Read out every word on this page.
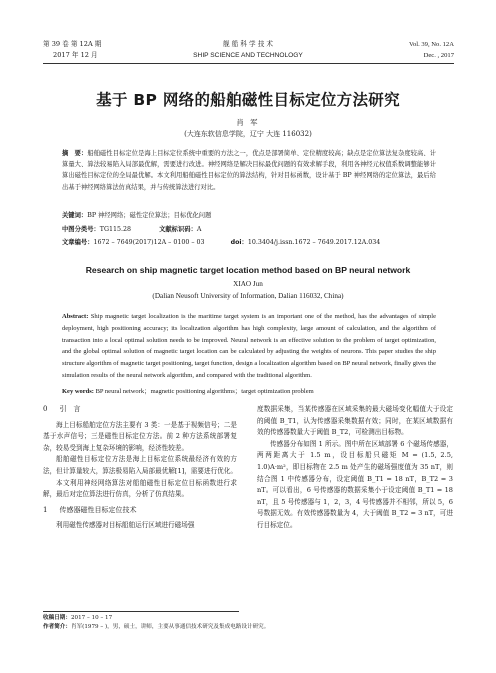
第 39 卷 第 12A 期
2017 年 12 月
舰 船 科 学 技 术
SHIP SCIENCE AND TECHNOLOGY
Vol. 39, No. 12A
Dec. , 2017
基于 BP 网络的船舶磁性目标定位方法研究
肖 军
(大连东软信息学院，辽宁 大连 116032)
摘　要：船舶磁性目标定位是海上目标定位系统中重要的方法之一，优点是部署简单、定位精度较高；缺点是定位算法复杂度较高、计算量大、算法较易陷入局部最优解，需要进行改进。神经网络是解决目标最优问题的有效求解手段，利用各神经元权值系数调整能够计算出磁性目标定位的全局最优解。本文利用船舶磁性目标定位的算法结构，针对目标函数，设计基于 BP 神经网络的定位算法，最后给出基于神经网络算法仿真结果，并与传统算法进行对比。
关键词：BP 神经网络；磁性定位算法；目标优化问题
中图分类号：TG115.28	文献标识码：A
文章编号：1672 – 7649(2017)12A – 0100 – 03	doi：10.3404/j.issn.1672 – 7649.2017.12A.034
Research on ship magnetic target location method based on BP neural network
XIAO Jun
(Dalian Neusoft University of Information, Dalian 116032, China)
Abstract: Ship magnetic target localization is the maritime target system is an important one of the method, has the advantages of simple deployment, high positioning accuracy; its localization algorithm has high complexity, large amount of calculation, and the algorithm of transaction into a local optimal solution needs to be improved. Neural network is an effective solution to the problem of target optimization, and the global optimal solution of magnetic target location can be calculated by adjusting the weights of neurons. This paper studies the ship structure algorithm of magnetic target positioning, target function, design a localization algorithm based on BP neural network, finally gives the simulation results of the neural network algorithm, and compared with the traditional algorithm.
Key words: BP neural network；magnetic positioning algorithms；target optimization problem
0 引　言
海上目标船舶定位方法主要有 3 类：一是基于视频信号；二是基于水声信号；三是磁性目标定位方法。前 2 种方法系统部署复杂，较易受到海上复杂环境的影响，经济性较差。
船舶磁性目标定位方法是海上目标定位系统最经济有效的方法，但计算量较大，算法极易陷入局部最优解[1]，需要进行优化。
本文利用神经网络算法对船舶磁性目标定位目标函数进行求解，最后对定位算法进行仿真，分析了仿真结果。
1 传感器磁性目标定位技术
利用磁性传感器对目标船舶运行区域进行磁场强
收稿日期：2017 – 10 – 17
作者简介：肖军(1979 – )，男，硕士，讲师，主要从事通信技术研究及集成电路设计研究。
度数据采集，当某传感器在区域采集的最大磁场变化幅值大于设定的阈值 B_T1，认为传感器采集数据有效；同时，在某区域数据有效的传感器数量大于阈值 B_T2，可检测出目标物。
传感器分布如图 1 所示。图中所在区域部署 6 个磁场传感器，两两距离大于 1.5 m，设目标船只磁矩 M = (1.5, 2.5, 1.0)A·m²，即目标物在 2.5 m 处产生的磁场强度值为 35 nT，则结合图 1 中传感器分布，设定阈值 B_T1 = 18 nT，B_T2 = 3 nT。可以看出，6 号传感器的数据采集小于设定阈值 B_T1 = 18 nT，且 5 号传感器与 1，2，3，4 号传感器并不相邻，所以 5，6 号数据无效。有效传感器数量为 4，大于阈值 B_T2 = 3 nT，可进行目标定位。
